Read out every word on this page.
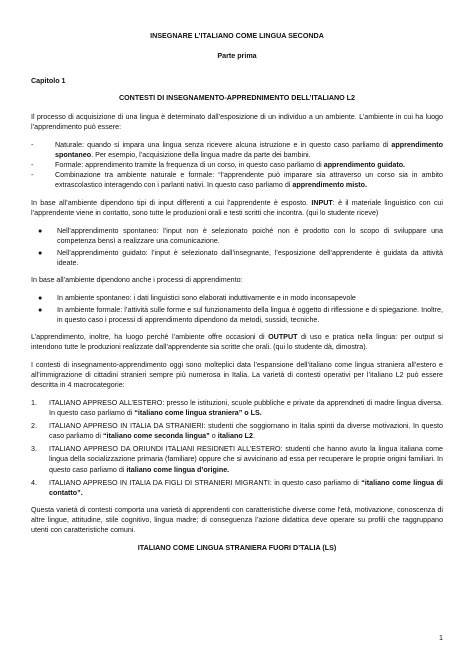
INSEGNARE L’ITALIANO COME LINGUA SECONDA
Parte prima
Capitolo 1
CONTESTI DI INSEGNAMENTO-APPREDNIMENTO DELL’ITALIANO L2

Il processo di acquisizione di una lingua è determinato dall’esposizione di un individuo a un ambiente. L’ambiente in cui ha luogo l’apprendimento può essere:

-	Naturale: quando si impara una lingua senza ricevere alcuna istruzione e in questo caso parliamo di apprendimento spontaneo. Per esempio, l’acquisizione della lingua madre da parte dei bambini.
-	Formale: apprendimento tramite la frequenza di un corso, in questo caso parliamo di apprendimento guidato.
-	Combinazione tra ambiente naturale e formale: “l’apprendente può imparare sia attraverso un corso sia in ambito extrascolastico interagendo con i parlanti nativi. In questo caso parliamo di apprendimento misto.

In base all’ambiente dipendono tipi di input differenti a cui l’apprendente è esposto. INPUT: è il materiale linguistico con cui l’apprendente viene in contatto, sono tutte le produzioni orali e testi scritti che incontra. (qui lo studente riceve)

● Nell’apprendimento spontaneo: l’input non è selezionato poiché non è prodotto con lo scopo di sviluppare una competenza bensì a realizzare una comunicazione.
● Nell’apprendimento guidato: l’input è selezionato dall’insegnante, l’esposizione dell’apprendente è guidata da attività ideate.

In base all’ambiente dipendono anche i processi di apprendimento:

● In ambiente spontaneo: i dati linguistici sono elaborati induttivamente e in modo inconsapevole
● In ambiente formale: l’attività sulle forme e sul funzionamento della lingua è oggetto di riflessione e di spiegazione. Inoltre, in questo caso i processi di apprendimento dipendono da metodi, sussidi, tecniche.

L’apprendimento, inoltre, ha luogo perché l’ambiente offre occasioni di OUTPUT di uso e pratica nella lingua: per output si intendono tutte le produzioni realizzate dall’apprendente sia scritte che orali. (qui lo studente dà, dimostra).

I contesti di insegnamento-apprendimento oggi sono molteplici data l’espansione dell’italiano come lingua straniera all’estero e all’immigrazione di cittadini stranieri sempre più numerosa in Italia. La varietà di contesti operativi per l’italiano L2 può essere descritta in 4 macrocategorie:

1. ITALIANO APPRESO ALL’ESTERO: presso le istituzioni, scuole pubbliche e private da apprendneti di madre lingua diversa. In questo caso parliamo di “italiano come lingua straniera” o LS.
2. ITALIANO APPRESO IN ITALIA DA STRANIERI: studenti che soggiornano in Italia spinti da diverse motivazioni. In questo caso parliamo di “italiano come seconda lingua” o italiano L2.
3. ITALIANO APPRESO DA ORIUNDI ITALIANI RESIDNETI ALL’ESTERO: studenti che hanno avuto la lingua italiana come lingua della socializzazione primaria (familiare) oppure che si avvicinano ad essa per recuperare le proprie origini familiari. In questo caso parliamo di italiano come lingua d’origine.
4. ITALIANO APPRESO IN ITALIA DA FIGLI DI STRANIERI MIGRANTI: in questo caso parliamo di “italiano come lingua di contatto”.

Questa varietà di contesti comporta una varietà di apprendenti con caratteristiche diverse come l’età, motivazione, conoscenza di altre lingue, attitudine, stile cognitivo, lingua madre; di conseguenza l’azione didattica deve operare su profili che raggruppano utenti con caratteristiche comuni.

ITALIANO COME LINGUA STRANIERA FUORI D’TALIA (LS)
1
